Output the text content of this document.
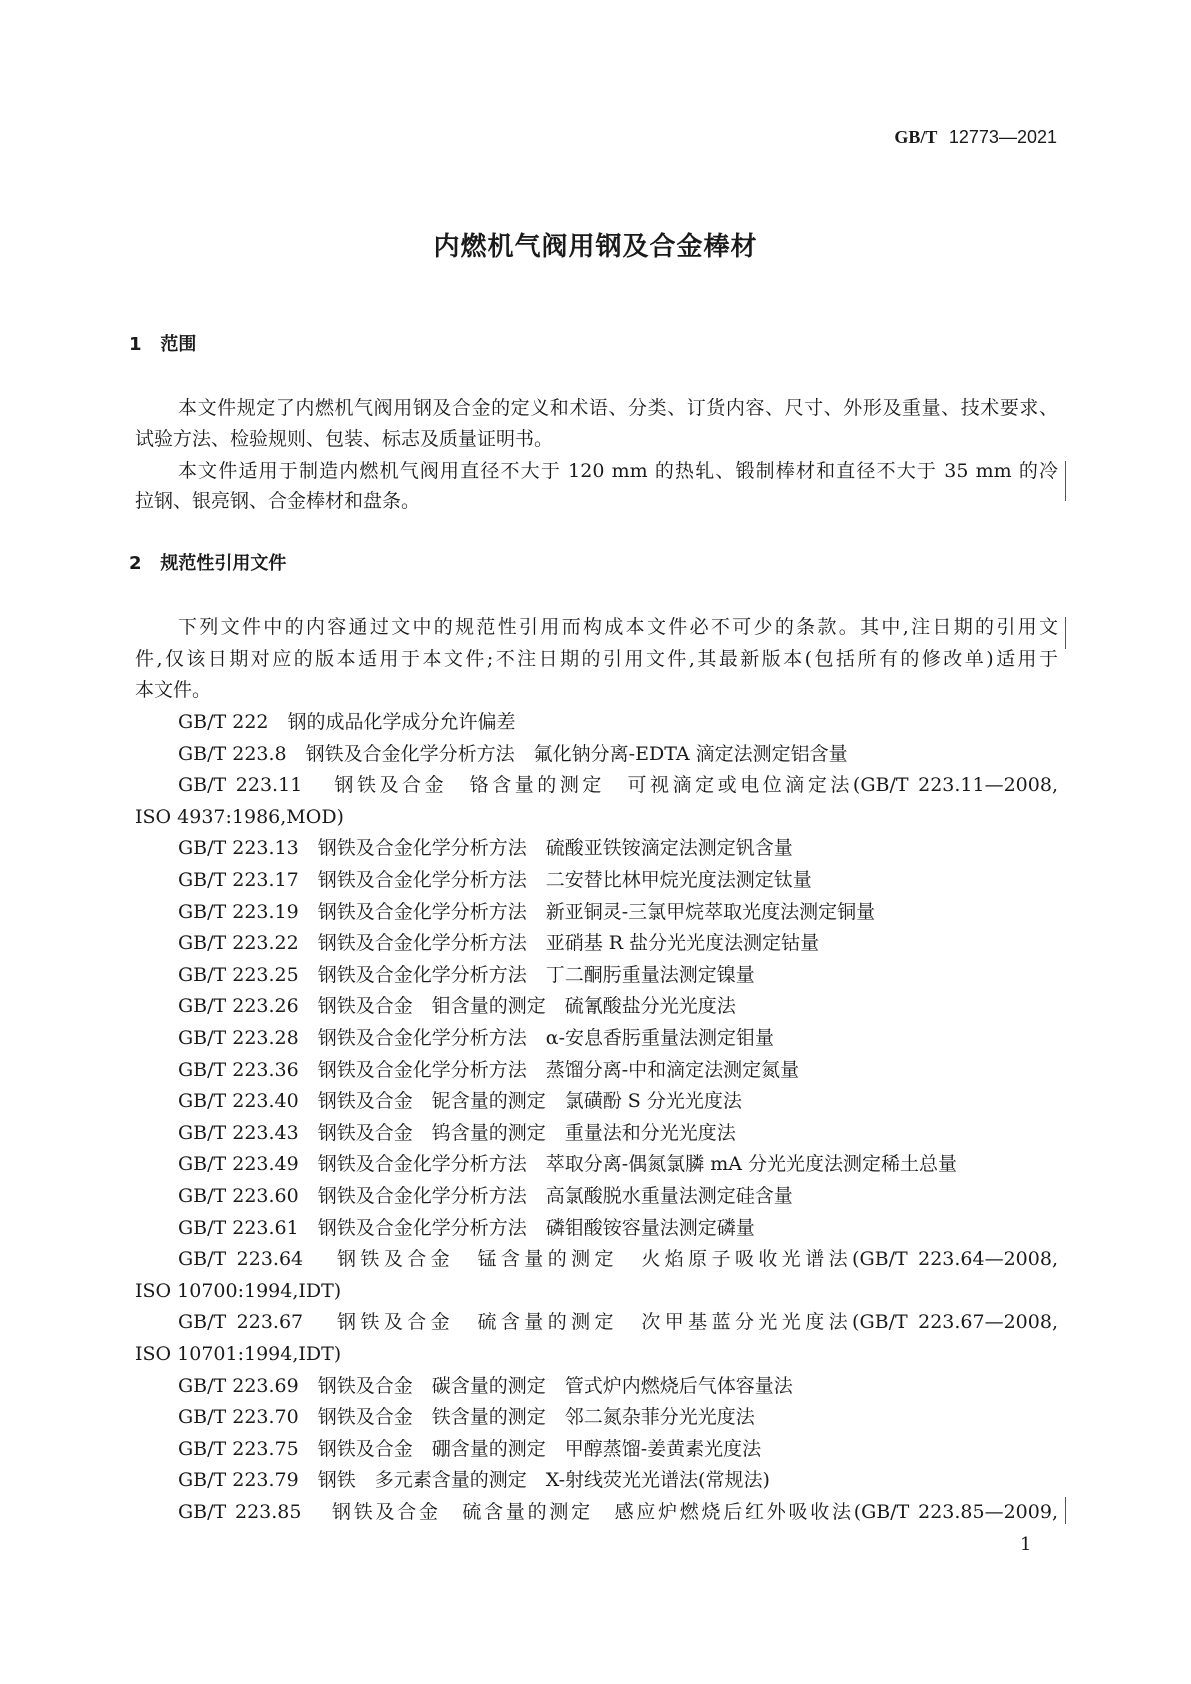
GB/T 12773—2021
内燃机气阀用钢及合金棒材
1 范围
2 规范性引用文件
本文件规定了内燃机气阀用钢及合金的定义和术语、分类、订货内容、尺寸、外形及重量、技术要求、
试验方法、检验规则、包装、标志及质量证明书。
本文件适用于制造内燃机气阀用直径不大于 120 mm 的热轧、锻制棒材和直径不大于 35 mm 的冷
拉钢、银亮钢、合金棒材和盘条。
下列文件中的内容通过文中的规范性引用而构成本文件必不可少的条款。其中,注日期的引用文
件,仅该日期对应的版本适用于本文件;不注日期的引用文件,其最新版本(包括所有的修改单)适用于
本文件。
GB/T 222　 钢的成品化学成分允许偏差
GB/T 223.8　 钢铁及合金化学分析方法　氟化钠分离-EDTA 滴定法测定铝含量
GB/T 223.11 　 钢铁及合金　铬含量的测定　可视滴定或电位滴定法(GB/T 223.11—2008,
ISO 4937:1986,MOD)
GB/T 223.13　 钢铁及合金化学分析方法　硫酸亚铁铵滴定法测定钒含量
GB/T 223.17　 钢铁及合金化学分析方法　二安替比林甲烷光度法测定钛量
GB/T 223.19　 钢铁及合金化学分析方法　新亚铜灵-三氯甲烷萃取光度法测定铜量
GB/T 223.22　 钢铁及合金化学分析方法　亚硝基 R 盐分光光度法测定钴量
GB/T 223.25　 钢铁及合金化学分析方法　丁二酮肟重量法测定镍量
GB/T 223.26　 钢铁及合金　钼含量的测定　硫氰酸盐分光光度法
GB/T 223.28　 钢铁及合金化学分析方法　α-安息香肟重量法测定钼量
GB/T 223.36　 钢铁及合金化学分析方法　蒸馏分离-中和滴定法测定氮量
GB/T 223.40　 钢铁及合金　铌含量的测定　氯磺酚 S 分光光度法
GB/T 223.43　 钢铁及合金　钨含量的测定　重量法和分光光度法
GB/T 223.49　 钢铁及合金化学分析方法　萃取分离-偶氮氯膦 mA 分光光度法测定稀土总量
GB/T 223.60　 钢铁及合金化学分析方法　高氯酸脱水重量法测定硅含量
GB/T 223.61　 钢铁及合金化学分析方法　磷钼酸铵容量法测定磷量
GB/T 223.64 　 钢铁及合金　锰含量的测定　火焰原子吸收光谱法(GB/T 223.64—2008,
ISO 10700:1994,IDT)
GB/T 223.67 　 钢铁及合金　硫含量的测定　次甲基蓝分光光度法(GB/T 223.67—2008,
ISO 10701:1994,IDT)
GB/T 223.69　 钢铁及合金　碳含量的测定　管式炉内燃烧后气体容量法
GB/T 223.70　 钢铁及合金　铁含量的测定　邻二氮杂菲分光光度法
GB/T 223.75　 钢铁及合金　硼含量的测定　甲醇蒸馏-姜黄素光度法
GB/T 223.79　 钢铁　多元素含量的测定　X-射线荧光光谱法(常规法)
GB/T 223.85 　 钢铁及合金　硫含量的测定　感应炉燃烧后红外吸收法(GB/T 223.85—2009,
1
